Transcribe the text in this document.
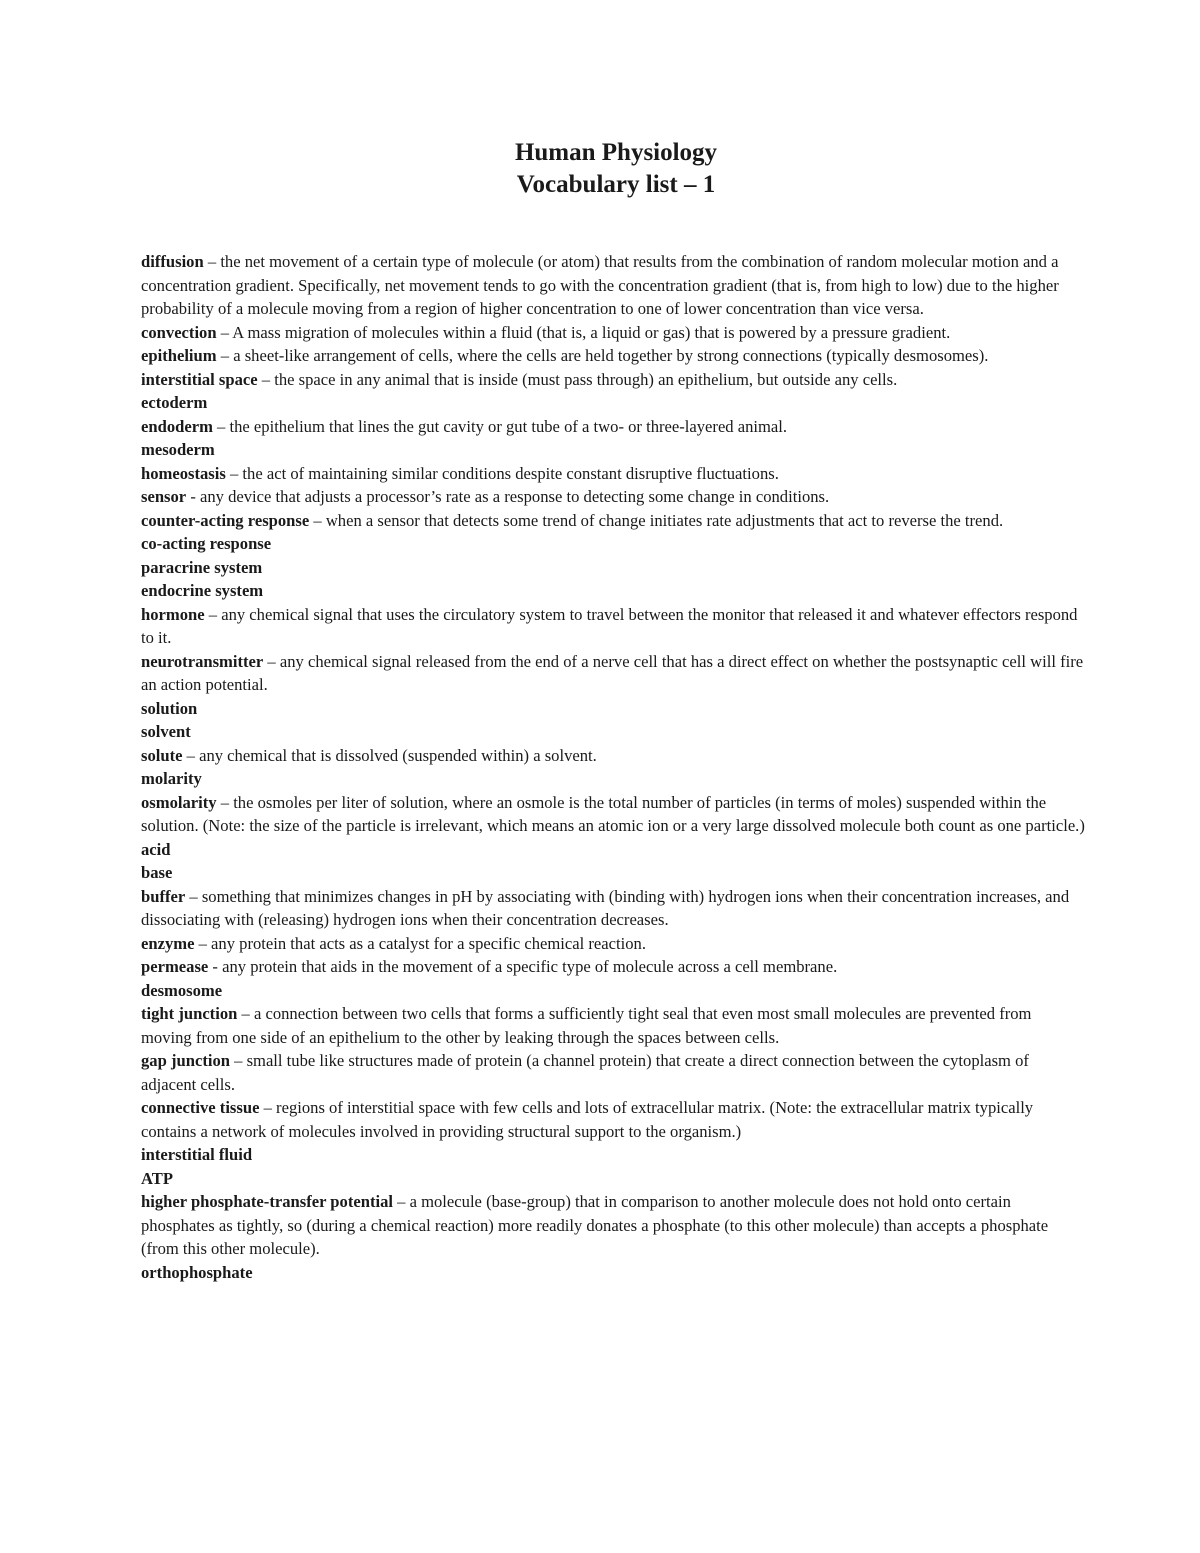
Human Physiology
Vocabulary list – 1

diffusion – the net movement of a certain type of molecule (or atom) that results from the combination of random molecular motion and a concentration gradient. Specifically, net movement tends to go with the concentration gradient (that is, from high to low) due to the higher probability of a molecule moving from a region of higher concentration to one of lower concentration than vice versa.

convection – A mass migration of molecules within a fluid (that is, a liquid or gas) that is powered by a pressure gradient.

epithelium – a sheet-like arrangement of cells, where the cells are held together by strong connections (typically desmosomes).

interstitial space – the space in any animal that is inside (must pass through) an epithelium, but outside any cells.

ectoderm

endoderm – the epithelium that lines the gut cavity or gut tube of a two- or three-layered animal.

mesoderm

homeostasis – the act of maintaining similar conditions despite constant disruptive fluctuations.

sensor - any device that adjusts a processor’s rate as a response to detecting some change in conditions.

counter-acting response – when a sensor that detects some trend of change initiates rate adjustments that act to reverse the trend.

co-acting response

paracrine system

endocrine system

hormone – any chemical signal that uses the circulatory system to travel between the monitor that released it and whatever effectors respond to it.

neurotransmitter – any chemical signal released from the end of a nerve cell that has a direct effect on whether the postsynaptic cell will fire an action potential.

solution

solvent

solute – any chemical that is dissolved (suspended within) a solvent.

molarity

osmolarity – the osmoles per liter of solution, where an osmole is the total number of particles (in terms of moles) suspended within the solution. (Note: the size of the particle is irrelevant, which means an atomic ion or a very large dissolved molecule both count as one particle.)

acid

base

buffer – something that minimizes changes in pH by associating with (binding with) hydrogen ions when their concentration increases, and dissociating with (releasing) hydrogen ions when their concentration decreases.

enzyme – any protein that acts as a catalyst for a specific chemical reaction.

permease - any protein that aids in the movement of a specific type of molecule across a cell membrane.

desmosome

tight junction – a connection between two cells that forms a sufficiently tight seal that even most small molecules are prevented from moving from one side of an epithelium to the other by leaking through the spaces between cells.

gap junction – small tube like structures made of protein (a channel protein) that create a direct connection between the cytoplasm of adjacent cells.

connective tissue – regions of interstitial space with few cells and lots of extracellular matrix. (Note: the extracellular matrix typically contains a network of molecules involved in providing structural support to the organism.)

interstitial fluid

ATP

higher phosphate-transfer potential – a molecule (base-group) that in comparison to another molecule does not hold onto certain phosphates as tightly, so (during a chemical reaction) more readily donates a phosphate (to this other molecule) than accepts a phosphate (from this other molecule).

orthophosphate
